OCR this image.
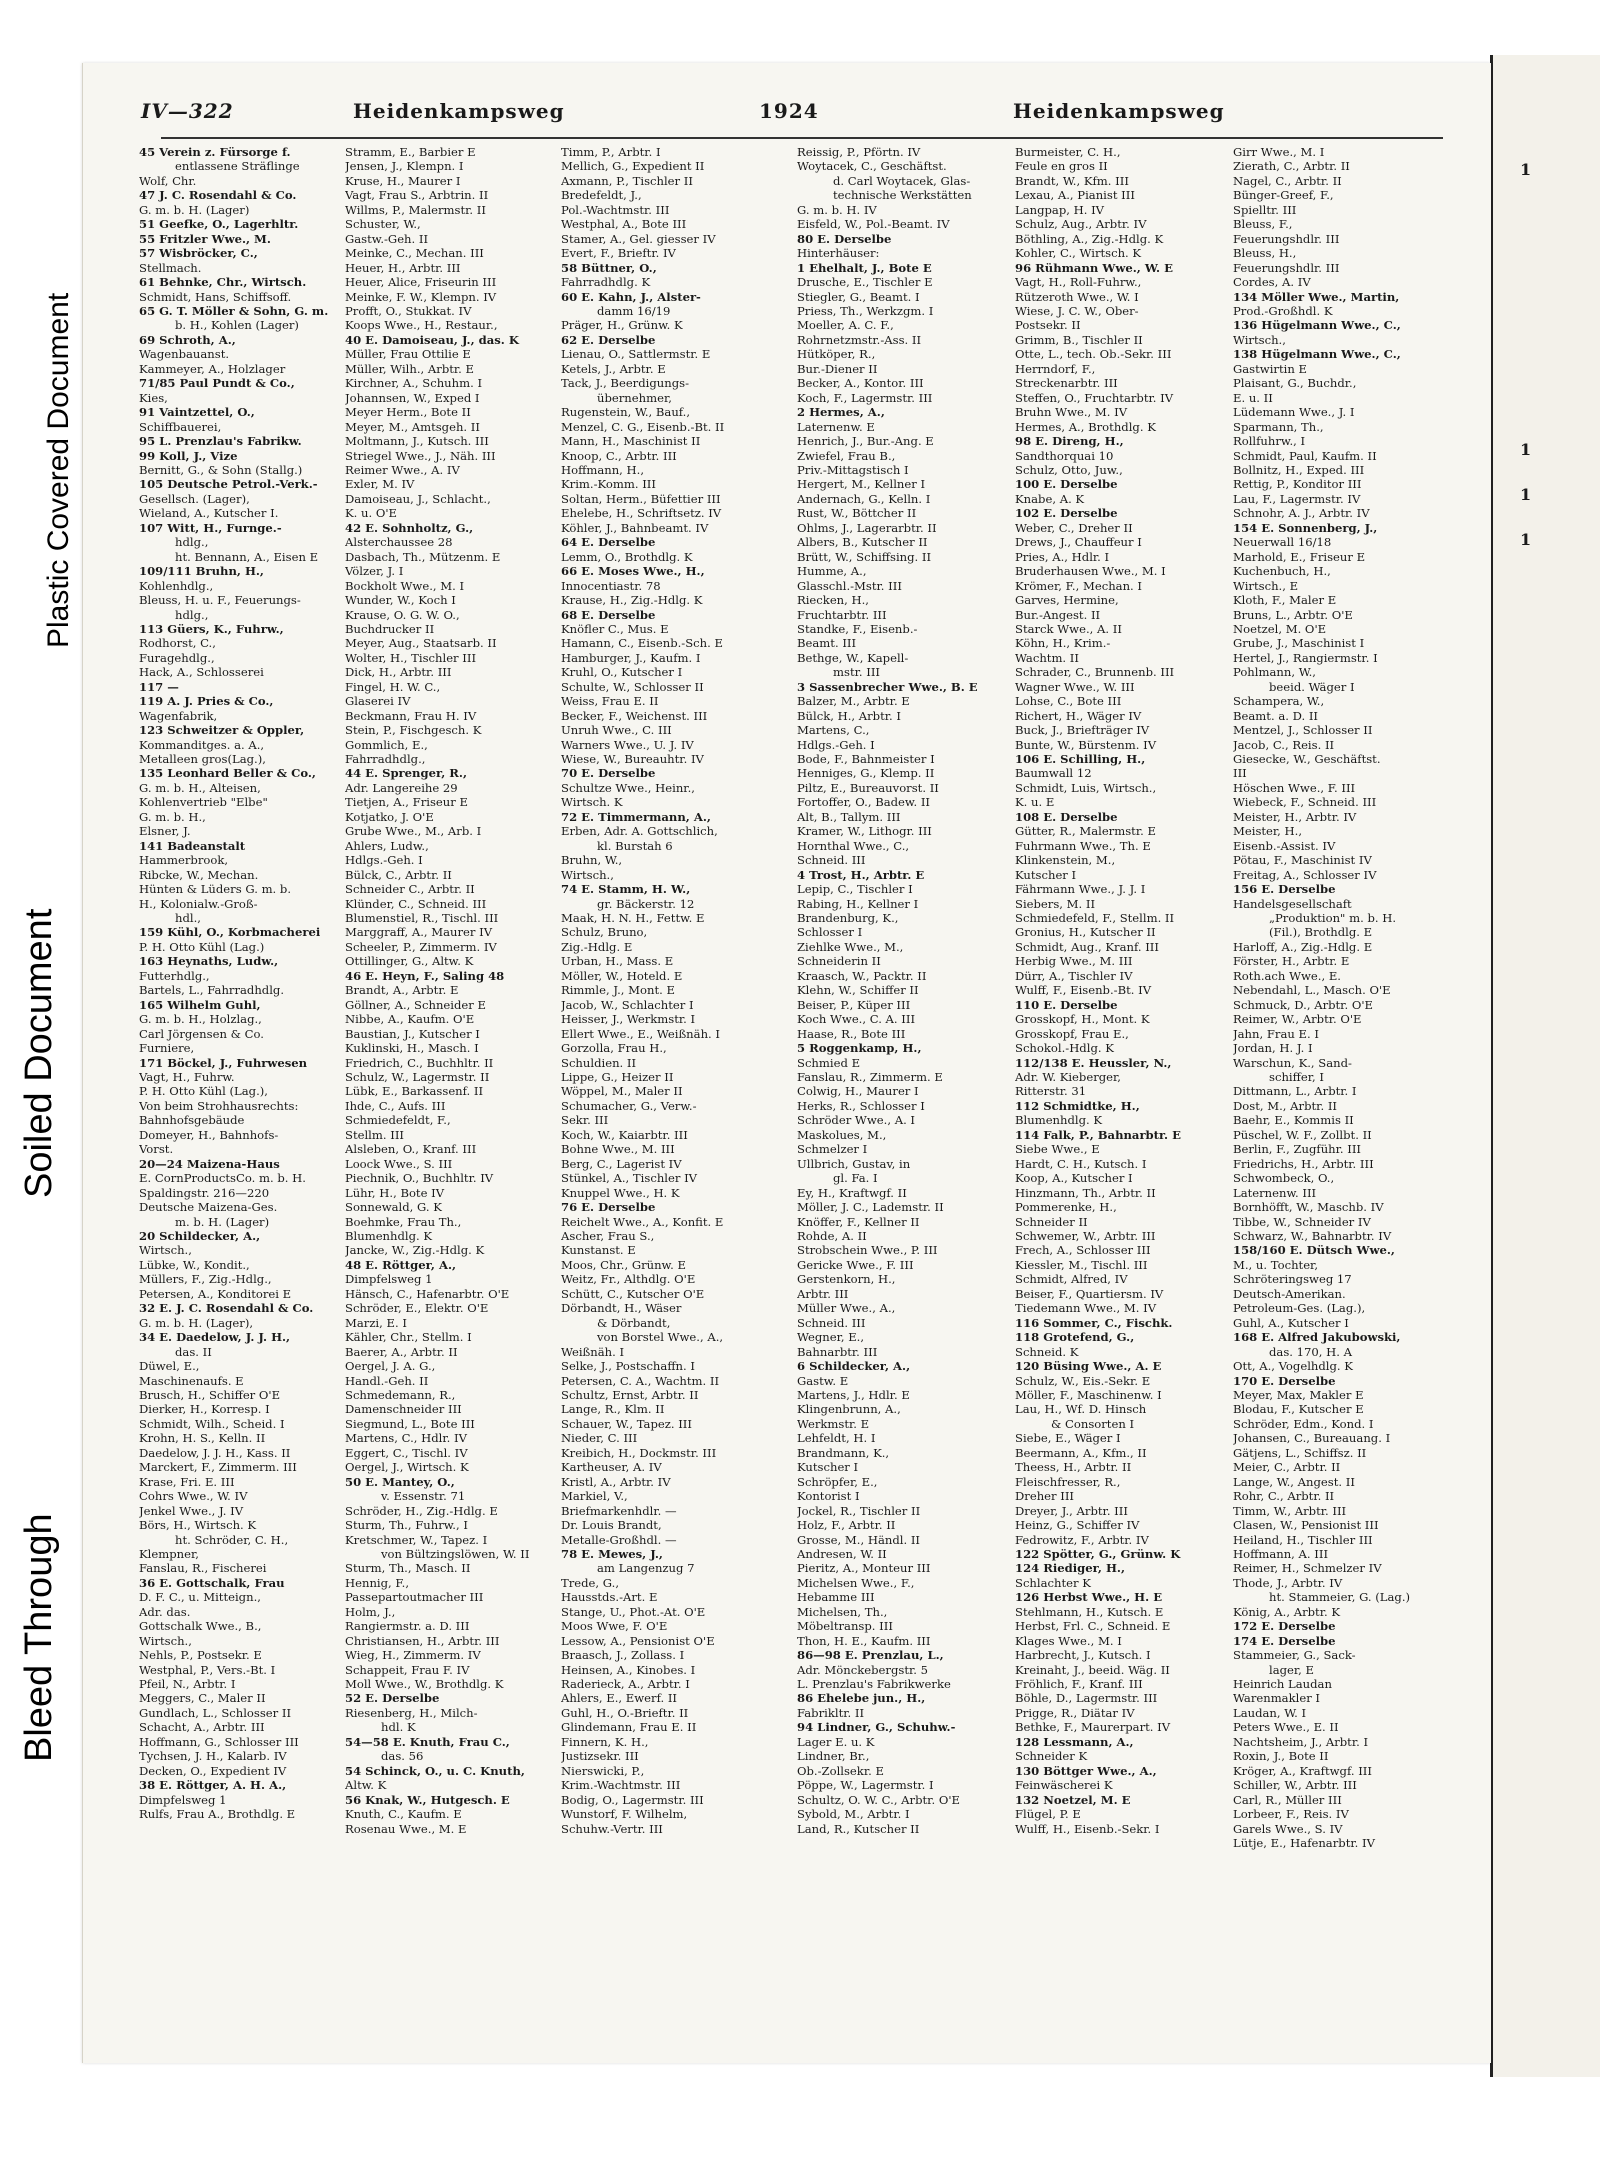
Bleed Through
Soiled Document
Plastic Covered Document
1
1
1
1
IV—322	Heidenkampsweg	1924	Heidenkampsweg
45 Verein z. Fürsorge f.
entlassene Sträflinge
Wolf, Chr.
47 J. C. Rosendahl & Co.
G. m. b. H. (Lager)
51 Geefke, O., Lagerhltr.
55 Fritzler Wwe., M.
57 Wisbröcker, C.,
Stellmach.
61 Behnke, Chr., Wirtsch.
Schmidt, Hans, Schiffsoff.
65 G. T. Möller & Sohn, G. m.
b. H., Kohlen (Lager)
69 Schroth, A.,
Wagenbauanst.
Kammeyer, A., Holzlager
71/85 Paul Pundt & Co.,
Kies,
91 Vaintzettel, O.,
Schiffbauerei,
95 L. Prenzlau's Fabrikw.
99 Koll, J., Vize
Bernitt, G., & Sohn (Stallg.)
105 Deutsche Petrol.-Verk.-
Gesellsch. (Lager),
Wieland, A., Kutscher I.
107 Witt, H., Furnge.-
hdlg.,
ht. Bennann, A., Eisen E
109/111 Bruhn, H.,
Kohlenhdlg.,
Bleuss, H. u. F., Feuerungs-
hdlg.,
113 Güers, K., Fuhrw.,
Rodhorst, C.,
Furagehdlg.,
Hack, A., Schlosserei
117 —
119 A. J. Pries & Co.,
Wagenfabrik,
123 Schweitzer & Oppler,
Kommanditges. a. A.,
Metalleen gros(Lag.),
135 Leonhard Beller & Co.,
G. m. b. H., Alteisen,
Kohlenvertrieb "Elbe"
G. m. b. H.,
Elsner, J.
141 Badeanstalt
Hammerbrook,
Ribcke, W., Mechan.
Hünten & Lüders G. m. b.
H., Kolonialw.-Groß-
hdl.,
159 Kühl, O., Korbmacherei
P. H. Otto Kühl (Lag.)
163 Heynaths, Ludw.,
Futterhdlg.,
Bartels, L., Fahrradhdlg.
165 Wilhelm Guhl,
G. m. b. H., Holzlag.,
Carl Jörgensen & Co.
Furniere,
171 Böckel, J., Fuhrwesen
Vagt, H., Fuhrw.
P. H. Otto Kühl (Lag.),
Von beim Strohhausrechts:
Bahnhofsgebäude
Domeyer, H., Bahnhofs-
Vorst.
20—24 Maizena-Haus
E. CornProductsCo. m. b. H.
Spaldingstr. 216—220
Deutsche Maizena-Ges.
m. b. H. (Lager)
20 Schildecker, A.,
Wirtsch.,
Lübke, W., Kondit.,
Müllers, F., Zig.-Hdlg.,
Petersen, A., Konditorei E
32 E. J. C. Rosendahl & Co.
G. m. b. H. (Lager),
34 E. Daedelow, J. J. H.,
das. II
Düwel, E.,
Maschinenaufs. E
Brusch, H., Schiffer O'E
Dierker, H., Korresp. I
Schmidt, Wilh., Scheid. I
Krohn, H. S., Kelln. II
Daedelow, J. J. H., Kass. II
Marckert, F., Zimmerm. III
Krase, Fri. E. III
Cohrs Wwe., W. IV
Jenkel Wwe., J. IV
Börs, H., Wirtsch. K
ht. Schröder, C. H.,
Klempner,
Fanslau, R., Fischerei
36 E. Gottschalk, Frau
D. F. C., u. Mitteign.,
Adr. das.
Gottschalk Wwe., B.,
Wirtsch.,
Nehls, P., Postsekr. E
Westphal, P., Vers.-Bt. I
Pfeil, N., Arbtr. I
Meggers, C., Maler II
Gundlach, L., Schlosser II
Schacht, A., Arbtr. III
Hoffmann, G., Schlosser III
Tychsen, J. H., Kalarb. IV
Decken, O., Expedient IV
38 E. Röttger, A. H. A.,
Dimpfelsweg 1
Rulfs, Frau A., Brothdlg. E
Stramm, E., Barbier E
Jensen, J., Klempn. I
Kruse, H., Maurer I
Vagt, Frau S., Arbtrin. II
Willms, P., Malermstr. II
Schuster, W.,
Gastw.-Geh. II
Meinke, C., Mechan. III
Heuer, H., Arbtr. III
Heuer, Alice, Friseurin III
Meinke, F. W., Klempn. IV
Profft, O., Stukkat. IV
Koops Wwe., H., Restaur.,
40 E. Damoiseau, J., das. K
Müller, Frau Ottilie E
Müller, Wilh., Arbtr. E
Kirchner, A., Schuhm. I
Johannsen, W., Exped I
Meyer Herm., Bote II
Meyer, M., Amtsgeh. II
Moltmann, J., Kutsch. III
Striegel Wwe., J., Näh. III
Reimer Wwe., A. IV
Exler, M. IV
Damoiseau, J., Schlacht.,
K. u. O'E
42 E. Sohnholtz, G.,
Alsterchaussee 28
Dasbach, Th., Mützenm. E
Völzer, J. I
Bockholt Wwe., M. I
Wunder, W., Koch I
Krause, O. G. W. O.,
Buchdrucker II
Meyer, Aug., Staatsarb. II
Wolter, H., Tischler III
Dick, H., Arbtr. III
Fingel, H. W. C.,
Glaserei IV
Beckmann, Frau H. IV
Stein, P., Fischgesch. K
Gommlich, E.,
Fahrradhdlg.,
44 E. Sprenger, R.,
Adr. Langereihe 29
Tietjen, A., Friseur E
Kotjatko, J. O'E
Grube Wwe., M., Arb. I
Ahlers, Ludw.,
Hdlgs.-Geh. I
Bülck, C., Arbtr. II
Schneider C., Arbtr. II
Klünder, C., Schneid. III
Blumenstiel, R., Tischl. III
Marggraff, A., Maurer IV
Scheeler, P., Zimmerm. IV
Ottillinger, G., Altw. K
46 E. Heyn, F., Saling 48
Brandt, A., Arbtr. E
Göllner, A., Schneider E
Nibbe, A., Kaufm. O'E
Baustian, J., Kutscher I
Kuklinski, H., Masch. I
Friedrich, C., Buchhltr. II
Schulz, W., Lagermstr. II
Lübk, E., Barkassenf. II
Ihde, C., Aufs. III
Schmiedefeldt, F.,
Stellm. III
Alsleben, O., Kranf. III
Loock Wwe., S. III
Piechnik, O., Buchhltr. IV
Lühr, H., Bote IV
Sonnewald, G. K
Boehmke, Frau Th.,
Blumenhdlg. K
Jancke, W., Zig.-Hdlg. K
48 E. Röttger, A.,
Dimpfelsweg 1
Hänsch, C., Hafenarbtr. O'E
Schröder, E., Elektr. O'E
Marzi, E. I
Kähler, Chr., Stellm. I
Baerer, A., Arbtr. II
Oergel, J. A. G.,
Handl.-Geh. II
Schmedemann, R.,
Damenschneider III
Siegmund, L., Bote III
Martens, C., Hdlr. IV
Eggert, C., Tischl. IV
Oergel, J., Wirtsch. K
50 E. Mantey, O.,
v. Essenstr. 71
Schröder, H., Zig.-Hdlg. E
Sturm, Th., Fuhrw., I
Kretschmer, W., Tapez. I
von Bültzingslöwen, W. II
Sturm, Th., Masch. II
Hennig, F.,
Passepartoutmacher III
Holm, J.,
Rangiermstr. a. D. III
Christiansen, H., Arbtr. III
Wieg, H., Zimmerm. IV
Schappeit, Frau F. IV
Moll Wwe., W., Brothdlg. K
52 E. Derselbe
Riesenberg, H., Milch-
hdl. K
54—58 E. Knuth, Frau C.,
das. 56
54 Schinck, O., u. C. Knuth,
Altw. K
56 Knak, W., Hutgesch. E
Knuth, C., Kaufm. E
Rosenau Wwe., M. E
Timm, P., Arbtr. I
Mellich, G., Expedient II
Axmann, P., Tischler II
Bredefeldt, J.,
Pol.-Wachtmstr. III
Westphal, A., Bote III
Stamer, A., Gel. giesser IV
Evert, F., Brieftr. IV
58 Büttner, O.,
Fahrradhdlg. K
60 E. Kahn, J., Alster-
damm 16/19
Präger, H., Grünw. K
62 E. Derselbe
Lienau, O., Sattlermstr. E
Ketels, J., Arbtr. E
Tack, J., Beerdigungs-
übernehmer,
Rugenstein, W., Bauf.,
Menzel, C. G., Eisenb.-Bt. II
Mann, H., Maschinist II
Knoop, C., Arbtr. III
Hoffmann, H.,
Krim.-Komm. III
Soltan, Herm., Büfettier III
Ehelebe, H., Schriftsetz. IV
Köhler, J., Bahnbeamt. IV
64 E. Derselbe
Lemm, O., Brothdlg. K
66 E. Moses Wwe., H.,
Innocentiastr. 78
Krause, H., Zig.-Hdlg. K
68 E. Derselbe
Knöfler C., Mus. E
Hamann, C., Eisenb.-Sch. E
Hamburger, J., Kaufm. I
Kruhl, O., Kutscher I
Schulte, W., Schlosser II
Weiss, Frau E. II
Becker, F., Weichenst. III
Unruh Wwe., C. III
Warners Wwe., U. J. IV
Wiese, W., Bureauhtr. IV
70 E. Derselbe
Schultze Wwe., Heinr.,
Wirtsch. K
72 E. Timmermann, A.,
Erben, Adr. A. Gottschlich,
kl. Burstah 6
Bruhn, W.,
Wirtsch.,
74 E. Stamm, H. W.,
gr. Bäckerstr. 12
Maak, H. N. H., Fettw. E
Schulz, Bruno,
Zig.-Hdlg. E
Urban, H., Mass. E
Möller, W., Hoteld. E
Rimmle, J., Mont. E
Jacob, W., Schlachter I
Heisser, J., Werkmstr. I
Ellert Wwe., E., Weißnäh. I
Gorzolla, Frau H.,
Schuldien. II
Lippe, G., Heizer II
Wöppel, M., Maler II
Schumacher, G., Verw.-
Sekr. III
Koch, W., Kaiarbtr. III
Bohne Wwe., M. III
Berg, C., Lagerist IV
Stünkel, A., Tischler IV
Knuppel Wwe., H. K
76 E. Derselbe
Reichelt Wwe., A., Konfit. E
Ascher, Frau S.,
Kunstanst. E
Moos, Chr., Grünw. E
Weitz, Fr., Althdlg. O'E
Schütt, C., Kutscher O'E
Dörbandt, H., Wäser
& Dörbandt,
von Borstel Wwe., A.,
Weißnäh. I
Selke, J., Postschaffn. I
Petersen, C. A., Wachtm. II
Schultz, Ernst, Arbtr. II
Lange, R., Klm. II
Schauer, W., Tapez. III
Nieder, C. III
Kreibich, H., Dockmstr. III
Kartheuser, A. IV
Kristl, A., Arbtr. IV
Markiel, V.,
Briefmarkenhdlr. —
Dr. Louis Brandt,
Metalle-Großhdl. —
78 E. Mewes, J.,
am Langenzug 7
Trede, G.,
Hausstds.-Art. E
Stange, U., Phot.-At. O'E
Moos Wwe, F. O'E
Lessow, A., Pensionist O'E
Braasch, J., Zollass. I
Heinsen, A., Kinobes. I
Raderieck, A., Arbtr. I
Ahlers, E., Ewerf. II
Guhl, H., O.-Brieftr. II
Glindemann, Frau E. II
Finnern, K. H.,
Justizsekr. III
Nierswicki, P.,
Krim.-Wachtmstr. III
Bodig, O., Lagermstr. III
Wunstorf, F. Wilhelm,
Schuhw.-Vertr. III
Reissig, P., Pförtn. IV
Woytacek, C., Geschäftst.
d. Carl Woytacek, Glas-
technische Werkstätten
G. m. b. H. IV
Eisfeld, W., Pol.-Beamt. IV
80 E. Derselbe
Hinterhäuser:
1 Ehelhalt, J., Bote E
Drusche, E., Tischler E
Stiegler, G., Beamt. I
Priess, Th., Werkzgm. I
Moeller, A. C. F.,
Rohrnetzmstr.-Ass. II
Hütköper, R.,
Bur.-Diener II
Becker, A., Kontor. III
Koch, F., Lagermstr. III
2 Hermes, A.,
Laternenw. E
Henrich, J., Bur.-Ang. E
Zwiefel, Frau B.,
Priv.-Mittagstisch I
Hergert, M., Kellner I
Andernach, G., Kelln. I
Rust, W., Böttcher II
Ohlms, J., Lagerarbtr. II
Albers, B., Kutscher II
Brütt, W., Schiffsing. II
Humme, A.,
Glasschl.-Mstr. III
Riecken, H.,
Fruchtarbtr. III
Standke, F., Eisenb.-
Beamt. III
Bethge, W., Kapell-
mstr. III
3 Sassenbrecher Wwe., B. E
Balzer, M., Arbtr. E
Bülck, H., Arbtr. I
Martens, C.,
Hdlgs.-Geh. I
Bode, F., Bahnmeister I
Henniges, G., Klemp. II
Piltz, E., Bureauvorst. II
Fortoffer, O., Badew. II
Alt, B., Tallym. III
Kramer, W., Lithogr. III
Hornthal Wwe., C.,
Schneid. III
4 Trost, H., Arbtr. E
Lepip, C., Tischler I
Rabing, H., Kellner I
Brandenburg, K.,
Schlosser I
Ziehlke Wwe., M.,
Schneiderin II
Kraasch, W., Packtr. II
Klehn, W., Schiffer II
Beiser, P., Küper III
Koch Wwe., C. A. III
Haase, R., Bote III
5 Roggenkamp, H.,
Schmied E
Fanslau, R., Zimmerm. E
Colwig, H., Maurer I
Herks, R., Schlosser I
Schröder Wwe., A. I
Maskolues, M.,
Schmelzer I
Ullbrich, Gustav, in
gl. Fa. I
Ey, H., Kraftwgf. II
Möller, J. C., Lademstr. II
Knöffer, F., Kellner II
Rohde, A. II
Strobschein Wwe., P. III
Gericke Wwe., F. III
Gerstenkorn, H.,
Arbtr. III
Müller Wwe., A.,
Schneid. III
Wegner, E.,
Bahnarbtr. III
6 Schildecker, A.,
Gastw. E
Martens, J., Hdlr. E
Klingenbrunn, A.,
Werkmstr. E
Lehfeldt, H. I
Brandmann, K.,
Kutscher I
Schröpfer, E.,
Kontorist I
Jockel, R., Tischler II
Holz, F., Arbtr. II
Grosse, M., Händl. II
Andresen, W. II
Pieritz, A., Monteur III
Michelsen Wwe., F.,
Hebamme III
Michelsen, Th.,
Möbeltransp. III
Thon, H. E., Kaufm. III
86—98 E. Prenzlau, L.,
Adr. Mönckebergstr. 5
L. Prenzlau's Fabrikwerke
86 Ehelebe jun., H.,
Fabrikltr. II
94 Lindner, G., Schuhw.-
Lager E. u. K
Lindner, Br.,
Ob.-Zollsekr. E
Pöppe, W., Lagermstr. I
Schultz, O. W. C., Arbtr. O'E
Sybold, M., Arbtr. I
Land, R., Kutscher II
Burmeister, C. H.,
Feule en gros II
Brandt, W., Kfm. III
Lexau, A., Pianist III
Langpap, H. IV
Schulz, Aug., Arbtr. IV
Böthling, A., Zig.-Hdlg. K
Kohler, C., Wirtsch. K
96 Rühmann Wwe., W. E
Vagt, H., Roll-Fuhrw.,
Rützeroth Wwe., W. I
Wiese, J. C. W., Ober-
Postsekr. II
Grimm, B., Tischler II
Otte, L., tech. Ob.-Sekr. III
Herrndorf, F.,
Streckenarbtr. III
Steffen, O., Fruchtarbtr. IV
Bruhn Wwe., M. IV
Hermes, A., Brothdlg. K
98 E. Direng, H.,
Sandthorquai 10
Schulz, Otto, Juw.,
100 E. Derselbe
Knabe, A. K
102 E. Derselbe
Weber, C., Dreher II
Drews, J., Chauffeur I
Pries, A., Hdlr. I
Bruderhausen Wwe., M. I
Krömer, F., Mechan. I
Garves, Hermine,
Bur.-Angest. II
Starck Wwe., A. II
Köhn, H., Krim.-
Wachtm. II
Schrader, C., Brunnenb. III
Wagner Wwe., W. III
Lohse, C., Bote III
Richert, H., Wäger IV
Buck, J., Briefträger IV
Bunte, W., Bürstenm. IV
106 E. Schilling, H.,
Baumwall 12
Schmidt, Luis, Wirtsch.,
K. u. E
108 E. Derselbe
Gütter, R., Malermstr. E
Fuhrmann Wwe., Th. E
Klinkenstein, M.,
Kutscher I
Fährmann Wwe., J. J. I
Siebers, M. II
Schmiedefeld, F., Stellm. II
Gronius, H., Kutscher II
Schmidt, Aug., Kranf. III
Herbig Wwe., M. III
Dürr, A., Tischler IV
Wulff, F., Eisenb.-Bt. IV
110 E. Derselbe
Grosskopf, H., Mont. K
Grosskopf, Frau E.,
Schokol.-Hdlg. K
112/138 E. Heussler, N.,
Adr. W. Kieberger,
Ritterstr. 31
112 Schmidtke, H.,
Blumenhdlg. K
114 Falk, P., Bahnarbtr. E
Siebe Wwe., E
Hardt, C. H., Kutsch. I
Koop, A., Kutscher I
Hinzmann, Th., Arbtr. II
Pommerenke, H.,
Schneider II
Schwemer, W., Arbtr. III
Frech, A., Schlosser III
Kiessler, M., Tischl. III
Schmidt, Alfred, IV
Beiser, F., Quartiersm. IV
Tiedemann Wwe., M. IV
116 Sommer, C., Fischk.
118 Grotefend, G.,
Schneid. K
120 Büsing Wwe., A. E
Schulz, W., Eis.-Sekr. E
Möller, F., Maschinenw. I
Lau, H., Wf. D. Hinsch
& Consorten I
Siebe, E., Wäger I
Beermann, A., Kfm., II
Theess, H., Arbtr. II
Fleischfresser, R.,
Dreher III
Dreyer, J., Arbtr. III
Heinz, G., Schiffer IV
Fedrowitz, F., Arbtr. IV
122 Spötter, G., Grünw. K
124 Riediger, H.,
Schlachter K
126 Herbst Wwe., H. E
Stehlmann, H., Kutsch. E
Herbst, Frl. C., Schneid. E
Klages Wwe., M. I
Harbrecht, J., Kutsch. I
Kreinaht, J., beeid. Wäg. II
Fröhlich, F., Kranf. III
Böhle, D., Lagermstr. III
Prigge, R., Diätar IV
Bethke, F., Maurerpart. IV
128 Lessmann, A.,
Schneider K
130 Böttger Wwe., A.,
Feinwäscherei K
132 Noetzel, M. E
Flügel, P. E
Wulff, H., Eisenb.-Sekr. I
Girr Wwe., M. I
Zierath, C., Arbtr. II
Nagel, C., Arbtr. II
Bünger-Greef, F.,
Spielltr. III
Bleuss, F.,
Feuerungshdlr. III
Bleuss, H.,
Feuerungshdlr. III
Cordes, A. IV
134 Möller Wwe., Martin,
Prod.-Großhdl. K
136 Hügelmann Wwe., C.,
Wirtsch.,
138 Hügelmann Wwe., C.,
Gastwirtin E
Plaisant, G., Buchdr.,
E. u. II
Lüdemann Wwe., J. I
Sparmann, Th.,
Rollfuhrw., I
Schmidt, Paul, Kaufm. II
Bollnitz, H., Exped. III
Rettig, P., Konditor III
Lau, F., Lagermstr. IV
Schnohr, A. J., Arbtr. IV
154 E. Sonnenberg, J.,
Neuerwall 16/18
Marhold, E., Friseur E
Kuchenbuch, H.,
Wirtsch., E
Kloth, F., Maler E
Bruns, L., Arbtr. O'E
Noetzel, M. O'E
Grube, J., Maschinist I
Hertel, J., Rangiermstr. I
Pohlmann, W.,
beeid. Wäger I
Schampera, W.,
Beamt. a. D. II
Mentzel, J., Schlosser II
Jacob, C., Reis. II
Giesecke, W., Geschäftst.
III
Höschen Wwe., F. III
Wiebeck, F., Schneid. III
Meister, H., Arbtr. IV
Meister, H.,
Eisenb.-Assist. IV
Pötau, F., Maschinist IV
Freitag, A., Schlosser IV
156 E. Derselbe
Handelsgesellschaft
„Produktion" m. b. H.
(Fil.), Brothdlg. E
Harloff, A., Zig.-Hdlg. E
Förster, H., Arbtr. E
Roth.ach Wwe., E.
Nebendahl, L., Masch. O'E
Schmuck, D., Arbtr. O'E
Reimer, W., Arbtr. O'E
Jahn, Frau E. I
Jordan, H. J. I
Warschun, K., Sand-
schiffer, I
Dittmann, L., Arbtr. I
Dost, M., Arbtr. II
Baehr, E., Kommis II
Püschel, W. F., Zollbt. II
Berlin, F., Zugführ. III
Friedrichs, H., Arbtr. III
Schwombeck, O.,
Laternenw. III
Bornhöfft, W., Maschb. IV
Tibbe, W., Schneider IV
Schwarz, W., Bahnarbtr. IV
158/160 E. Dütsch Wwe.,
M., u. Tochter,
Schröteringsweg 17
Deutsch-Amerikan.
Petroleum-Ges. (Lag.),
Guhl, A., Kutscher I
168 E. Alfred Jakubowski,
das. 170, H. A
Ott, A., Vogelhdlg. K
170 E. Derselbe
Meyer, Max, Makler E
Blodau, F., Kutscher E
Schröder, Edm., Kond. I
Johansen, C., Bureauang. I
Gätjens, L., Schiffsz. II
Meier, C., Arbtr. II
Lange, W., Angest. II
Rohr, C., Arbtr. II
Timm, W., Arbtr. III
Clasen, W., Pensionist III
Heiland, H., Tischler III
Hoffmann, A. III
Reimer, H., Schmelzer IV
Thode, J., Arbtr. IV
ht. Stammeier, G. (Lag.)
König, A., Arbtr. K
172 E. Derselbe
174 E. Derselbe
Stammeier, G., Sack-
lager, E
Heinrich Laudan
Warenmakler I
Laudan, W. I
Peters Wwe., E. II
Nachtsheim, J., Arbtr. I
Roxin, J., Bote II
Kröger, A., Kraftwgf. III
Schiller, W., Arbtr. III
Carl, R., Müller III
Lorbeer, F., Reis. IV
Garels Wwe., S. IV
Lütje, E., Hafenarbtr. IV
